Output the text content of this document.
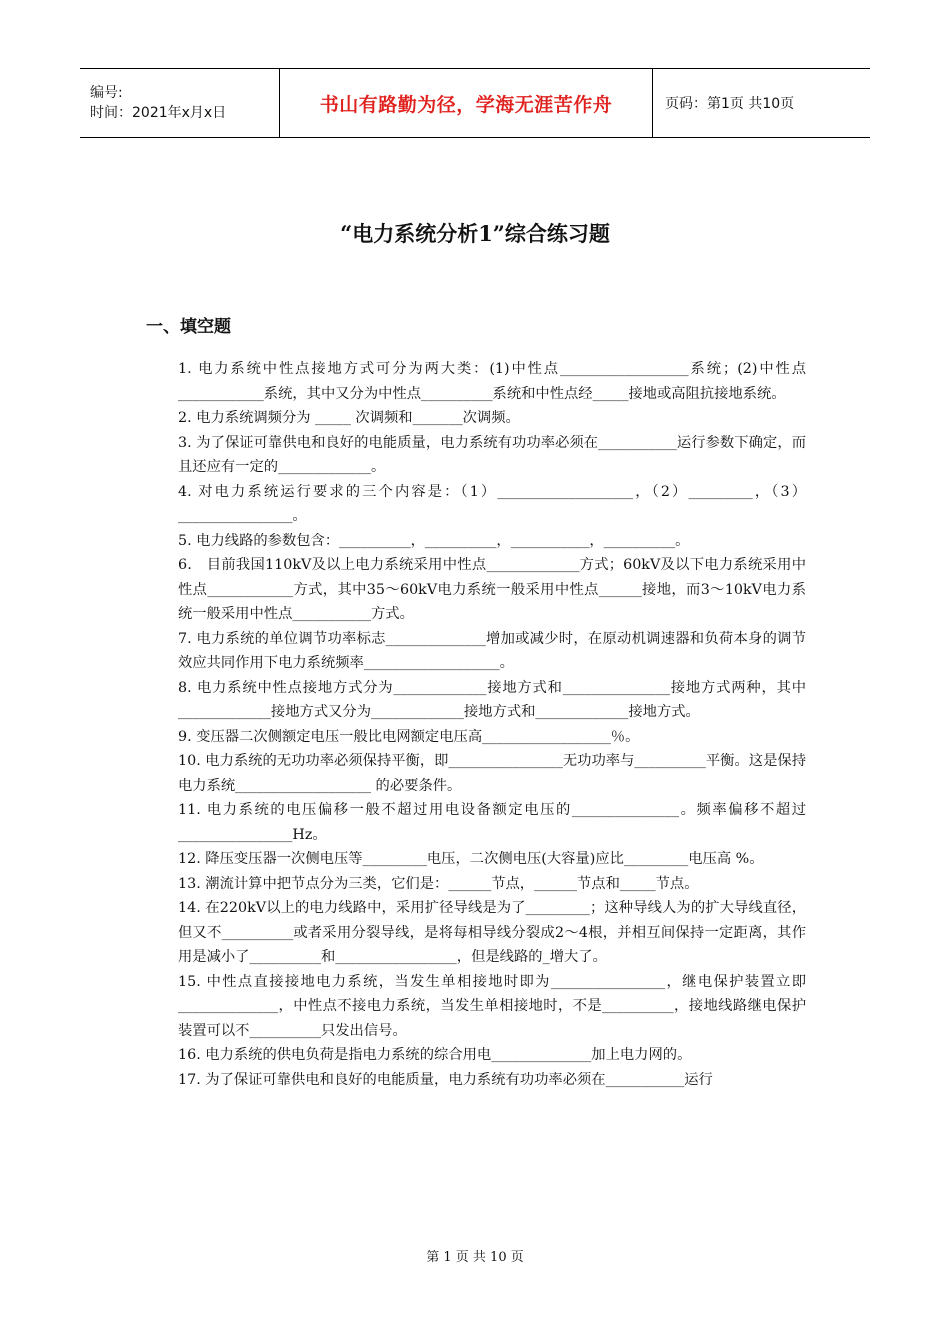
编号:
时间：2021年x月x日	书山有路勤为径，学海无涯苦作舟	页码：第1页 共10页
“电力系统分析1”综合练习题
一、填空题

1. 电力系统中性点接地方式可分为两大类：(1)中性点__________________系统；(2)中性点____________系统，其中又分为中性点__________系统和中性点经_____接地或高阻抗接地系统。

2. 电力系统调频分为 _____ 次调频和_______次调频。

3. 为了保证可靠供电和良好的电能质量，电力系统有功功率必须在___________运行参数下确定，而且还应有一定的_____________。

4. 对电力系统运行要求的三个内容是：（1）___________________，（2）_________，（3）________________。

5. 电力线路的参数包含：__________，__________，___________，__________。

6． 目前我国110kV及以上电力系统采用中性点_____________方式；60kV及以下电力系统采用中性点____________方式，其中35～60kV电力系统一般采用中性点______接地，而3～10kV电力系统一般采用中性点___________方式。

7. 电力系统的单位调节功率标志______________增加或减少时，在原动机调速器和负荷本身的调节效应共同作用下电力系统频率___________________。

8. 电力系统中性点接地方式分为_____________接地方式和_______________接地方式两种，其中_____________接地方式又分为_____________接地方式和_____________接地方式。

9. 变压器二次侧额定电压一般比电网额定电压高__________________％。

10. 电力系统的无功功率必须保持平衡，即________________无功功率与__________平衡。这是保持电力系统___________________ 的必要条件。

11. 电力系统的电压偏移一般不超过用电设备额定电压的_______________。频率偏移不超过________________Hz。

12. 降压变压器一次侧电压等_________电压，二次侧电压(大容量)应比_________电压高 %。

13. 潮流计算中把节点分为三类，它们是：______节点，______节点和_____节点。

14. 在220kV以上的电力线路中，采用扩径导线是为了_________；这种导线人为的扩大导线直径，但又不__________或者采用分裂导线，是将每相导线分裂成2～4根，并相互间保持一定距离，其作用是减小了__________和_________________，但是线路的_增大了。

15. 中性点直接接地电力系统，当发生单相接地时即为________________，继电保护装置立即______________，中性点不接电力系统，当发生单相接地时，不是__________，接地线路继电保护装置可以不__________只发出信号。

16. 电力系统的供电负荷是指电力系统的综合用电______________加上电力网的。

17. 为了保证可靠供电和良好的电能质量，电力系统有功功率必须在___________运行

第 1 页 共 10 页
